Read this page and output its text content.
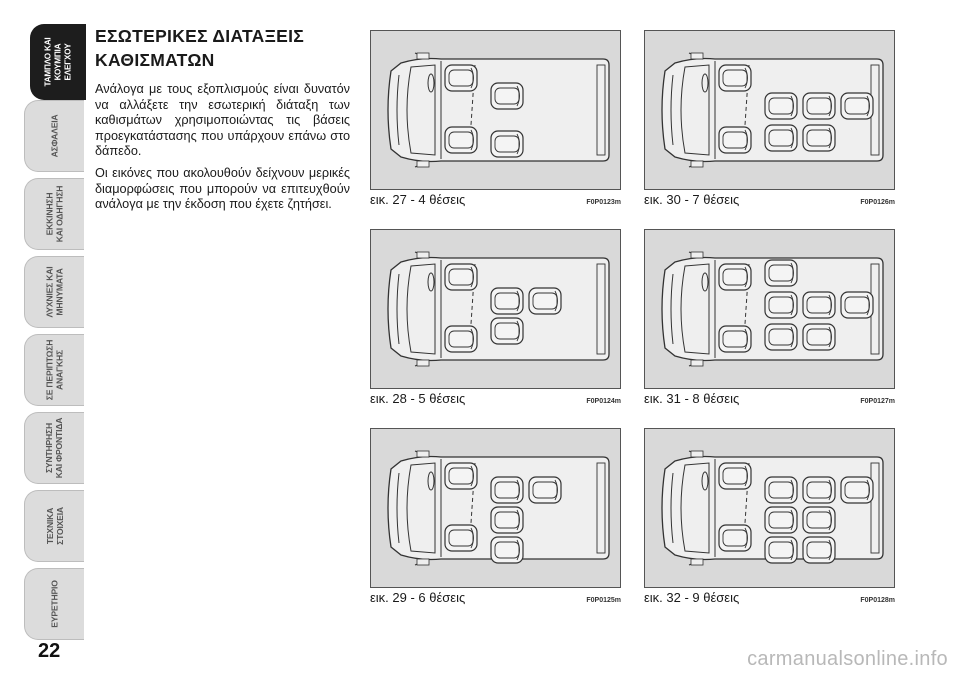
ΤΑΜΠΛΟ ΚΑΙ
ΚΟΥΜΠΙΑ
ΕΛΕΓΧΟΥ
ΑΣΦΑΛΕΙΑ
ΕΚΚΙΝΗΣΗ
ΚΑΙ ΟΔΗΓΗΣΗ
ΛΥΧΝΙΕΣ ΚΑΙ
ΜΗΝΥΜΑΤΑ
ΣΕ ΠΕΡΙΠΤΩΣΗ
ΑΝΑΓΚΗΣ
ΣΥΝΤΗΡΗΣΗ
ΚΑΙ ΦΡΟΝΤΙΔΑ
ΤΕΧΝΙΚΑ
ΣΤΟΙΧΕΙΑ
ΕΥΡΕΤΗΡΙΟ
22
ΕΣΩΤΕΡΙΚΕΣ ΔΙΑΤΑΞΕΙΣ ΚΑΘΙΣΜΑΤΩΝ

Ανάλογα με τους εξοπλισμούς είναι δυνατόν να αλλάξετε την εσωτερική διάταξη των καθισμάτων χρησιμοποιώντας τις βάσεις προεγκατάστασης που υπάρχουν επάνω στο δάπεδο.

Οι εικόνες που ακολουθούν δείχνουν μερικές διαμορφώσεις που μπορούν να επιτευχθούν ανάλογα με την έκδοση που έχετε ζητήσει.	εικ. 27 - 4 θέσεις	F0P0123m εικ. 30 - 7 θέσεις	F0P0126m
εικ. 28 - 5 θέσεις	F0P0124m εικ. 31 - 8 θέσεις	F0P0127m
εικ. 29 - 6 θέσεις	F0P0125m εικ. 32 - 9 θέσεις	F0P0128m
carmanualsonline.info
